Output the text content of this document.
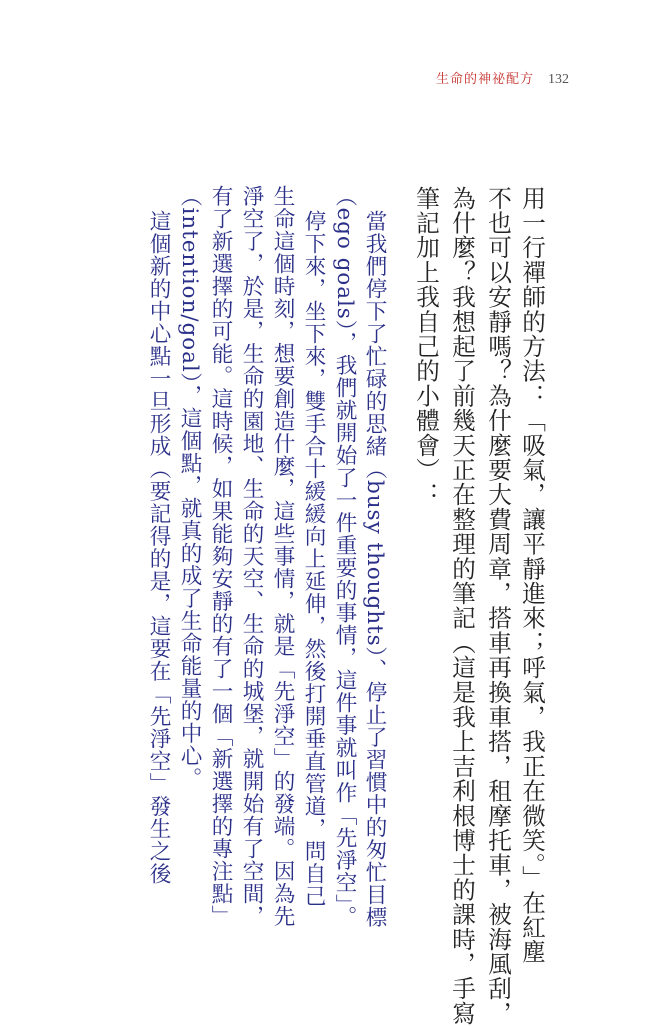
生命的神祕配方 132
用一行禪師的方法：「吸氣，讓平靜進來；呼氣，我正在微笑。」在紅塵
不也可以安靜嗎？為什麼要大費周章，搭車再換車搭，租摩托車，被海風刮，
為什麼？我想起了前幾天正在整理的筆記（這是我上吉利根博士的課時，手寫
筆記加上我自己的小體會）：
當我們停下了忙碌的思緒（busy thoughts）、停止了習慣中的匆忙目標
（ego goals），我們就開始了一件重要的事情，這件事就叫作「先淨空」。
停下來，坐下來，雙手合十緩緩向上延伸，然後打開垂直管道，問自己
生命這個時刻，想要創造什麼，這些事情，就是「先淨空」的發端。因為先
淨空了，於是，生命的園地、生命的天空、生命的城堡，就開始有了空間，
有了新選擇的可能。這時候，如果能夠安靜的有了一個「新選擇的專注點」
（intention/goal），這個點，就真的成了生命能量的中心。
這個新的中心點一旦形成（要記得的是，這要在「先淨空」發生之後
